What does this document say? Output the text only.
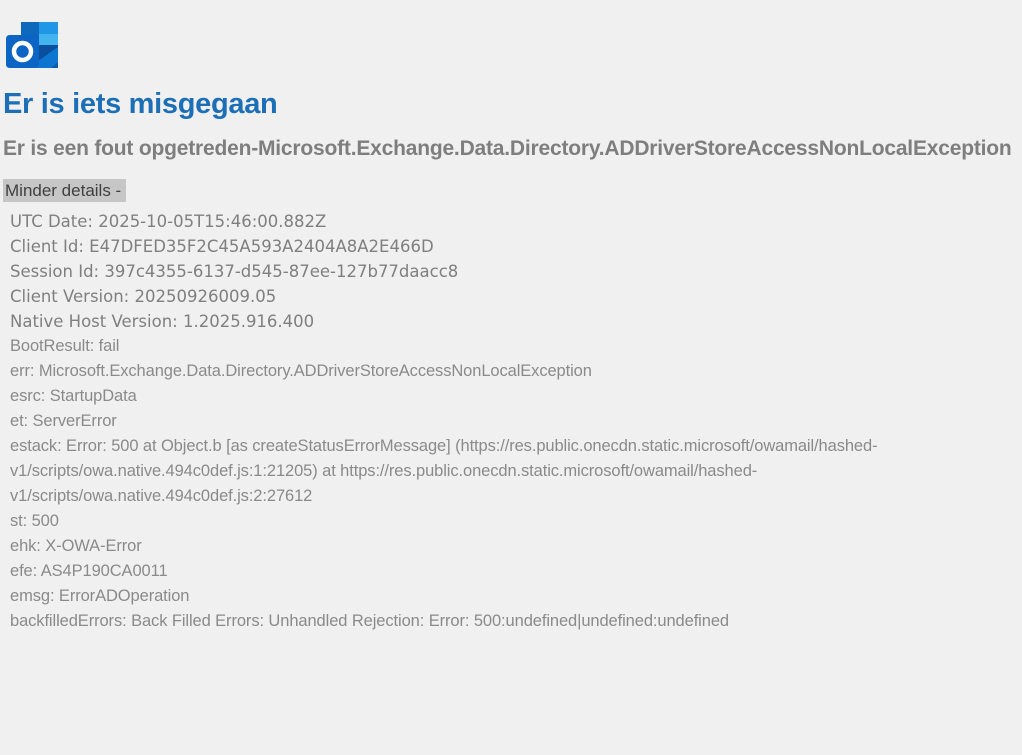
Er is iets misgegaan
Er is een fout opgetreden-Microsoft.Exchange.Data.Directory.ADDriverStoreAccessNonLocalException
Minder details -
UTC Date: 2025-10-05T15:46:00.882Z
Client Id: E47DFED35F2C45A593A2404A8A2E466D
Session Id: 397c4355-6137-d545-87ee-127b77daacc8
Client Version: 20250926009.05
Native Host Version: 1.2025.916.400
BootResult: fail
err: Microsoft.Exchange.Data.Directory.ADDriverStoreAccessNonLocalException
esrc: StartupData
et: ServerError
estack: Error: 500 at Object.b [as createStatusErrorMessage] (https://res.public.onecdn.static.microsoft/owamail/hashed-v1/scripts/owa.native.494c0def.js:1:21205) at https://res.public.onecdn.static.microsoft/owamail/hashed-v1/scripts/owa.native.494c0def.js:2:27612
st: 500
ehk: X-OWA-Error
efe: AS4P190CA0011
emsg: ErrorADOperation
backfilledErrors: Back Filled Errors: Unhandled Rejection: Error: 500:undefined|undefined:undefined
